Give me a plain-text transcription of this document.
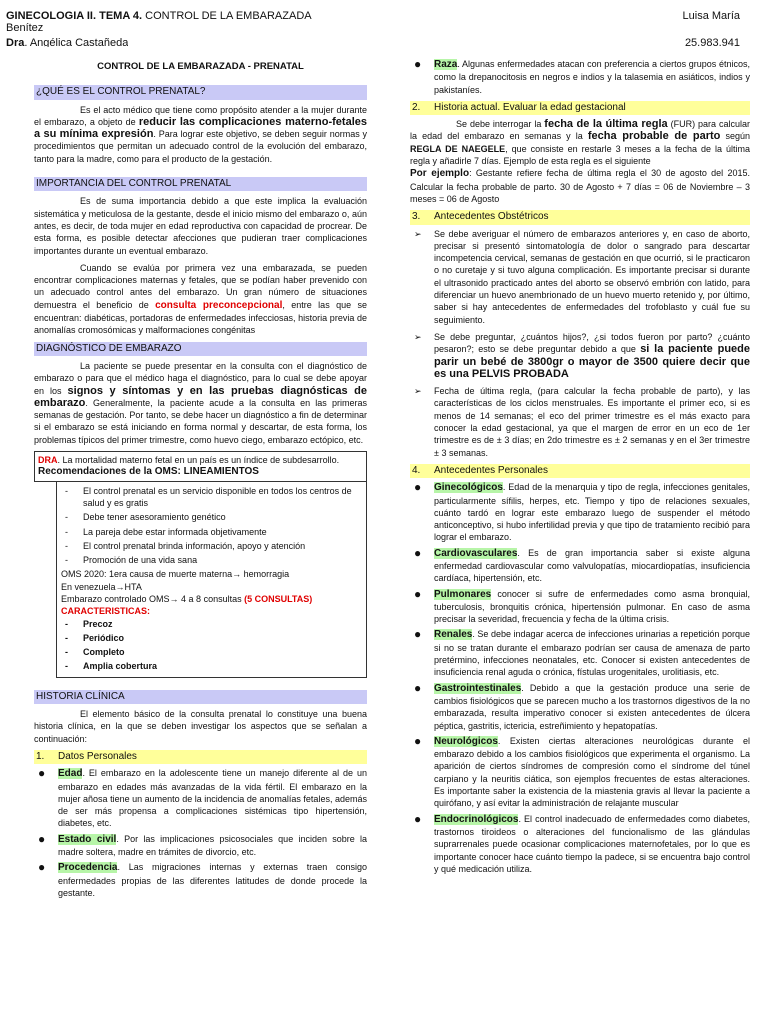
GINECOLOGIA II. TEMA 4. CONTROL DE LA EMBARAZADA
Benítez
Dra. Angélica Castañeda
Luisa María
25.983.941
CONTROL DE LA EMBARAZADA - PRENATAL
¿QUÉ ES EL CONTROL PRENATAL?

Es el acto médico que tiene como propósito atender a la mujer durante el embarazo, a objeto de reducir las complicaciones materno-fetales a su mínima expresión. Para lograr este objetivo, se deben seguir normas y procedimientos que permitan un adecuado control de la evolución del embarazo, tanto para la madre, como para el producto de la gestación.

IMPORTANCIA DEL CONTROL PRENATAL

Es de suma importancia debido a que este implica la evaluación sistemática y meticulosa de la gestante, desde el inicio mismo del embarazo o, aún antes, es decir, de toda mujer en edad reproductiva con capacidad de procrear. De esta forma, es posible detectar afecciones que pudieran traer complicaciones importantes durante un eventual embarazo.

Cuando se evalúa por primera vez una embarazada, se pueden encontrar complicaciones maternas y fetales, que se podían haber prevenido con un adecuado control antes del embarazo. Un gran número de situaciones demuestra el beneficio de consulta preconcepcional, entre las que se encuentran: diabéticas, portadoras de enfermedades infecciosas, historia previa de anomalías cromosómicas y malformaciones congénitas

DIAGNÓSTICO DE EMBARAZO

La paciente se puede presentar en la consulta con el diagnóstico de embarazo o para que el médico haga el diagnóstico, para lo cual se debe apoyar en los signos y síntomas y en las pruebas diagnósticas de embarazo. Generalmente, la paciente acude a la consulta en las primeras semanas de gestación. Por tanto, se debe hacer un diagnóstico a fin de determinar si el embarazo se está iniciando en forma normal y descartar, de esta forma, los problemas típicos del primer trimestre, como huevo ciego, embarazo ectópico, etc.

DRA. La mortalidad materno fetal en un país es un índice de subdesarrollo.
Recomendaciones de la OMS: LINEAMIENTOS
- El control prenatal es un servicio disponible en todos los centros de salud y es gratis
- Debe tener asesoramiento genético
- La pareja debe estar informada objetivamente
- El control prenatal brinda información, apoyo y atención
- Promoción de una vida sana
OMS 2020: 1era causa de muerte materna→ hemorragia
En venezuela→HTA
Embarazo controlado OMS→ 4 a 8 consultas (5 CONSULTAS)
CARACTERISTICAS:
- Precoz
- Periódico
- Completo
- Amplia cobertura
HISTORIA CLÍNICA

El elemento básico de la consulta prenatal lo constituye una buena historia clínica, en la que se deben investigar los aspectos que se señalan a continuación:

1.	Datos Personales
● Edad. El embarazo en la adolescente tiene un manejo diferente al de un embarazo en edades más avanzadas de la vida fértil. El embarazo en la mujer añosa tiene un aumento de la incidencia de anomalías fetales, además de ser más propensa a complicaciones sistémicas tipo hipertensión, diabetes, etc.
● Estado civil. Por las implicaciones psicosociales que inciden sobre la madre soltera, madre en trámites de divorcio, etc.
● Procedencia. Las migraciones internas y externas traen consigo enfermedades propias de las diferentes latitudes de donde procede la gestante.
● Raza. Algunas enfermedades atacan con preferencia a ciertos grupos étnicos, como la drepanocitosis en negros e indios y la talasemia en asiáticos, indios y pakistaníes.
2.	Historia actual. Evaluar la edad gestacional

Se debe interrogar la fecha de la última regla (FUR) para calcular la edad del embarazo en semanas y la fecha probable de parto según REGLA DE NAEGELE, que consiste en restarle 3 meses a la fecha de la última regla y añadirle 7 días. Ejemplo de esta regla es el siguiente

Por ejemplo: Gestante refiere fecha de última regla el 30 de agosto del 2015. Calcular la fecha probable de parto. 30 de Agosto + 7 días = 06 de Noviembre – 3 meses = 06 de Agosto

3.	Antecedentes Obstétricos
➢ Se debe averiguar el número de embarazos anteriores y, en caso de aborto, precisar si presentó sintomatología de dolor o sangrado para descartar incompetencia cervical, semanas de gestación en que ocurrió, si le practicaron o no curetaje y si tuvo alguna complicación. Es importante precisar si durante el ultrasonido practicado antes del aborto se observó embrión con latido, para diferenciar un huevo anembrionado de un huevo muerto retenido y, por último, saber si hay antecedentes de enfermedades del trofoblasto y cuál fue su seguimiento.
➢ Se debe preguntar, ¿cuántos hijos?, ¿si todos fueron por parto? ¿cuánto pesaron?; esto se debe preguntar debido a que si la paciente puede parir un bebé de 3800gr o mayor de 3500 quiere decir que es una PELVIS PROBADA
➢ Fecha de última regla, (para calcular la fecha probable de parto), y las características de los ciclos menstruales. Es importante el primer eco, si es menos de 14 semanas; el eco del primer trimestre es el más exacto para conocer la edad gestacional, ya que el margen de error en un eco de 1er trimestre es de ± 3 días; en 2do trimestre es ± 2 semanas y en el 3er trimestre ± 3 semanas.
4.	Antecedentes Personales
● Ginecológicos. Edad de la menarquia y tipo de regla, infecciones genitales, particularmente sífilis, herpes, etc. Tiempo y tipo de relaciones sexuales, cuánto tardó en lograr este embarazo luego de suspender el método anticonceptivo, si hubo infertilidad previa y que tipo de tratamiento recibió para lograr el embarazo.
● Cardiovasculares. Es de gran importancia saber si existe alguna enfermedad cardiovascular como valvulopatías, miocardiopatías, insuficiencia cardíaca, hipertensión, etc.
● Pulmonares conocer si sufre de enfermedades como asma bronquial, tuberculosis, bronquitis crónica, hipertensión pulmonar. En caso de asma precisar la severidad, frecuencia y fecha de la última crisis.
● Renales. Se debe indagar acerca de infecciones urinarias a repetición porque si no se tratan durante el embarazo podrían ser causa de amenaza de parto pretérmino, infecciones neonatales, etc. Conocer si existen antecedentes de insuficiencia renal aguda o crónica, fístulas urogenitales, urolitiasis, etc.
● Gastrointestinales. Debido a que la gestación produce una serie de cambios fisiológicos que se parecen mucho a los trastornos digestivos de la no embarazada, resulta imperativo conocer si existen antecedentes de úlcera péptica, gastritis, ictericia, estreñimiento y hepatopatías.
● Neurológicos. Existen ciertas alteraciones neurológicas durante el embarazo debido a los cambios fisiológicos que experimenta el organismo. La aparición de ciertos síndromes de compresión como el síndrome del túnel carpiano y la neuritis ciática, son ejemplos frecuentes de estas alteraciones. Es importante saber la existencia de la miastenia gravis al llevar la paciente a quirófano, y así evitar la administración de relajante muscular
● Endocrinológicos. El control inadecuado de enfermedades como diabetes, trastornos tiroideos o alteraciones del funcionalismo de las glándulas suprarrenales puede ocasionar complicaciones maternofetales, por lo que es importante conocer hace cuánto tiempo la padece, si se encuentra bajo control y qué medicación utiliza.
